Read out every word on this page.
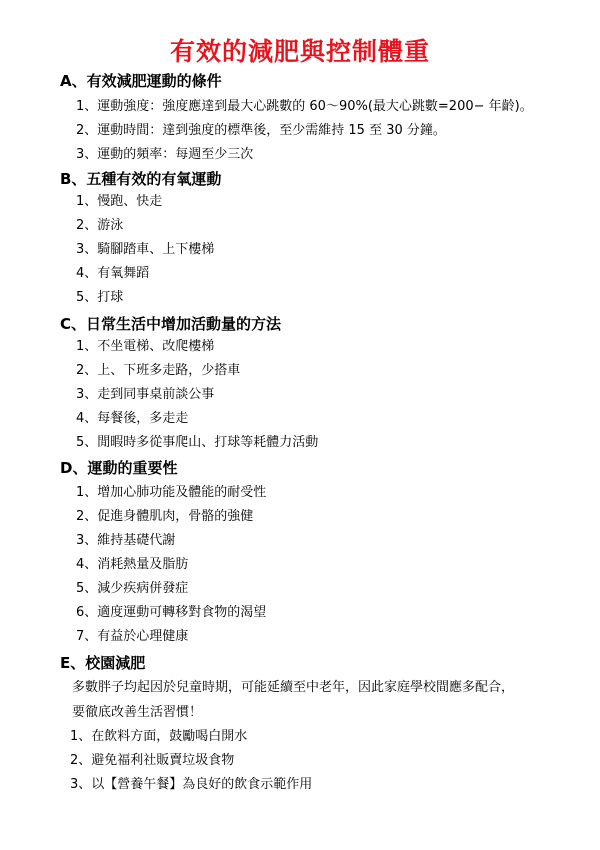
有效的減肥與控制體重
A、有效減肥運動的條件
1、運動強度：強度應達到最大心跳數的 60〜90%(最大心跳數=200− 年齡)。
2、運動時間：達到強度的標準後，至少需維持 15 至 30 分鐘。
3、運動的頻率：每週至少三次
B、五種有效的有氧運動
1、慢跑、快走
2、游泳
3、騎腳踏車、上下樓梯
4、有氧舞蹈
5、打球
C、日常生活中增加活動量的方法
1、不坐電梯、改爬樓梯
2、上、下班多走路，少搭車
3、走到同事桌前談公事
4、每餐後，多走走
5、閒暇時多從事爬山、打球等耗體力活動
D、運動的重要性
1、增加心肺功能及體能的耐受性
2、促進身體肌肉，骨骼的強健
3、維持基礎代謝
4、消耗熱量及脂肪
5、減少疾病併發症
6、適度運動可轉移對食物的渴望
7、有益於心理健康
E、校園減肥
多數胖子均起因於兒童時期，可能延續至中老年，因此家庭學校間應多配合，
要徹底改善生活習慣！
1、在飲料方面，鼓勵喝白開水
2、避免福利社販賣垃圾食物
3、以【營養午餐】為良好的飲食示範作用
